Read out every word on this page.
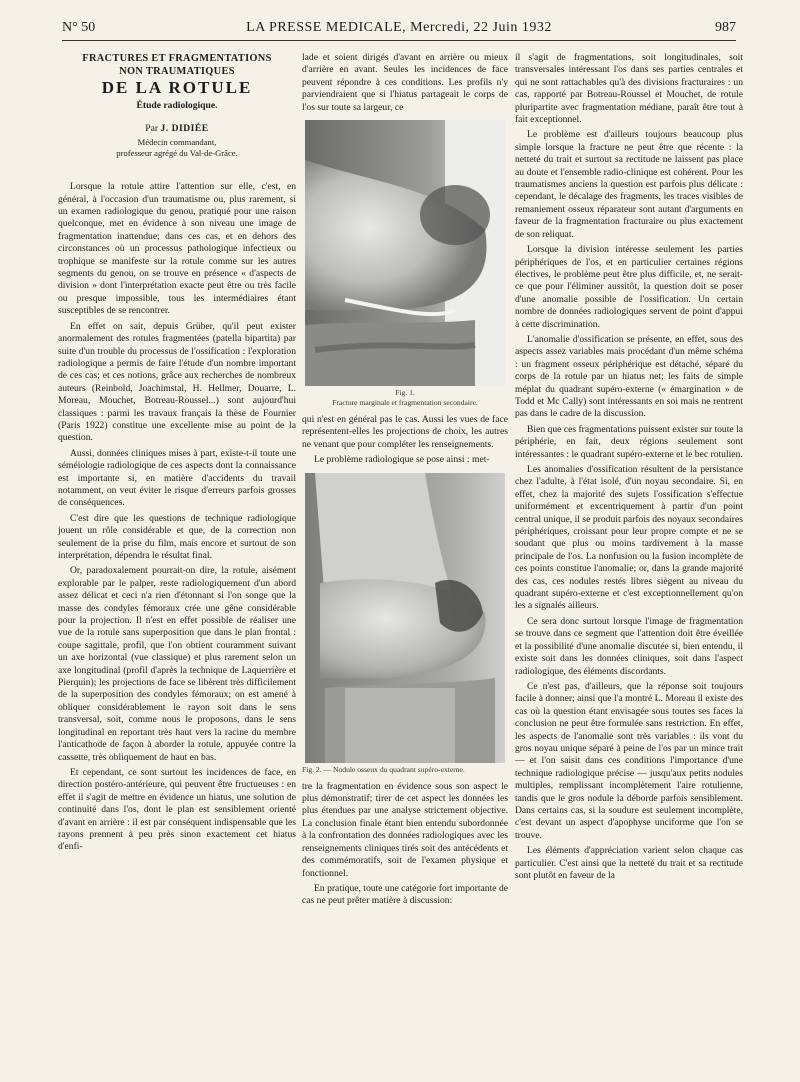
N° 50	LA PRESSE MEDICALE, Mercredi, 22 Juin 1932	987
FRACTURES ET FRAGMENTATIONS
NON TRAUMATIQUES
DE LA ROTULE
Étude radiologique.
Par J. DIDIÉE
Médecin commandant,
professeur agrégé du Val-de-Grâce.

Lorsque la rotule attire l'attention sur elle, c'est, en général, à l'occasion d'un traumatisme ou, plus rarement, si un examen radiologique du genou, pratiqué pour une raison quelconque, met en évidence à son niveau une image de fragmentation inattendue; dans ces cas, et en dehors des circonstances où un processus pathologique infectieux ou trophique se manifeste sur la rotule comme sur les autres segments du genou, on se trouve en présence « d'aspects de division » dont l'interprétation exacte peut être ou très facile ou presque impossible, tous les intermédiaires étant susceptibles de se rencontrer.

En effet on sait, depuis Grüber, qu'il peut exister anormalement des rotules fragmentées (patella bipartita) par suite d'un trouble du processus de l'ossification : l'exploration radiologique a permis de faire l'étude d'un nombre important de ces cas; et ces notions, grâce aux recherches de nombreux auteurs (Reinbold, Joachimstal, H. Hellmer, Douarre, L. Moreau, Mouchet, Botreau-Roussel...) sont aujourd'hui classiques : parmi les travaux français la thèse de Fournier (Paris 1922) constitue une excellente mise au point de la question.

Aussi, données cliniques mises à part, existe-t-il toute une séméiologie radiologique de ces aspects dont la connaissance est importante si, en matière d'accidents du travail notamment, on veut éviter le risque d'erreurs parfois grosses de conséquences.

C'est dire que les questions de technique radiologique jouent un rôle considérable et que, de la correction non seulement de la prise du film, mais encore et surtout de son interprétation, dépendra le résultat final.

Or, paradoxalement pourrait-on dire, la rotule, aisément explorable par le palper, reste radiologiquement d'un abord assez délicat et ceci n'a rien d'étonnant si l'on songe que la masse des condyles fémoraux crée une gêne considérable pour la projection. Il n'est en effet possible de réaliser une vue de la rotule sans superposition que dans le plan frontal : coupe sagittale, profil, que l'on obtient couramment suivant un axe horizontal (vue classique) et plus rarement selon un axe longitudinal (profil d'après la technique de Laquerrière et Pierquin); les projections de face se libèrent très difficilement de la superposition des condyles fémoraux; on est amené à obliquer considérablement le rayon soit dans le sens transversal, soit, comme nous le proposons, dans le sens longitudinal en reportant très haut vers la racine du membre l'anticathode de façon à aborder la rotule, appuyée contre la cassette, très obliquement de haut en bas.

Et cependant, ce sont surtout les incidences de face, en direction postéro-antérieure, qui peuvent être fructueuses : en effet il s'agit de mettre en évidence un hiatus, une solution de continuité dans l'os, dont le plan est sensiblement orienté d'avant en arrière : il est par conséquent indispensable que les rayons prennent à peu près sinon exactement cet hiatus d'enfi-

lade et soient dirigés d'avant en arrière ou mieux d'arrière en avant. Seules les incidences de face peuvent répondre à ces conditions. Les profils n'y parviendraient que si l'hiatus partageait le corps de l'os sur toute sa largeur, ce

Fig. 1.
Fracture marginale et fragmentation secondaire.

qui n'est en général pas le cas. Aussi les vues de face représentent-elles les projections de choix, les autres ne venant que pour compléter les renseignements.

Le problème radiologique se pose ainsi : met-

Fig. 2. — Nodule osseux du quadrant supéro-externe.

tre la fragmentation en évidence sous son aspect le plus démonstratif; tirer de cet aspect les données les plus étendues par une analyse strictement objective. La conclusion finale étant bien entendu subordonnée à la confrontation des données radiologiques avec les renseignements cliniques tirés soit des antécédents et des commémoratifs, soit de l'examen physique et fonctionnel.

En pratique, toute une catégorie fort importante de cas ne peut prêter matière à discussion:

il s'agit de fragmentations, soit longitudinales, soit transversales intéressant l'os dans ses parties centrales et qui ne sont rattachables qu'à des divisions fracturaires : un cas, rapporté par Botreau-Roussel et Mouchet, de rotule pluripartite avec fragmentation médiane, paraît être tout à fait exceptionnel.

Le problème est d'ailleurs toujours beaucoup plus simple lorsque la fracture ne peut être que récente : la netteté du trait et surtout sa rectitude ne laissent pas place au doute et l'ensemble radio-clinique est cohérent. Pour les traumatismes anciens la question est parfois plus délicate : cependant, le décalage des fragments, les traces visibles de remaniement osseux réparateur sont autant d'arguments en faveur de la fragmentation fracturaire ou plus exactement de son reliquat.

Lorsque la division intéresse seulement les parties périphériques de l'os, et en particulier certaines régions électives, le problème peut être plus difficile, et, ne serait-ce que pour l'éliminer aussitôt, la question doit se poser d'une anomalie possible de l'ossification. Un certain nombre de données radiologiques servent de point d'appui à cette discrimination.

L'anomalie d'ossification se présente, en effet, sous des aspects assez variables mais procédant d'un même schéma : un fragment osseux périphérique est détaché, séparé du corps de la rotule par un hiatus net; les faits de simple méplat du quadrant supéro-externe (« émargination » de Todd et Mc Cally) sont intéressants en soi mais ne rentrent pas dans le cadre de la discussion.

Bien que ces fragmentations puissent exister sur toute la périphérie, en fait, deux régions seulement sont intéressantes : le quadrant supéro-externe et le bec rotulien.

Les anomalies d'ossification résultent de la persistance chez l'adulte, à l'état isolé, d'un noyau secondaire. Si, en effet, chez la majorité des sujets l'ossification s'effectue uniformément et excentriquement à partir d'un point central unique, il se produit parfois des noyaux secondaires périphériques, croissant pour leur propre compte et ne se soudant que plus ou moins tardivement à la masse principale de l'os. La nonfusion ou la fusion incomplète de ces points constitue l'anomalie; or, dans la grande majorité des cas, ces nodules restés libres siègent au niveau du quadrant supéro-externe et c'est exceptionnellement qu'on les a signalés ailleurs.

Ce sera donc surtout lorsque l'image de fragmentation se trouve dans ce segment que l'attention doit être éveillée et la possibilité d'une anomalie discutée si, bien entendu, il existe soit dans les données cliniques, soit dans l'aspect radiologique, des éléments discordants.

Ce n'est pas, d'ailleurs, que la réponse soit toujours facile à donner; ainsi que l'a montré L. Moreau il existe des cas où la question étant envisagée sous toutes ses faces la conclusion ne peut être formulée sans restriction. En effet, les aspects de l'anomalie sont très variables : ils vont du gros noyau unique séparé à peine de l'os par un mince trait — et l'on saisit dans ces conditions l'importance d'une technique radiologique précise — jusqu'aux petits nodules multiples, remplissant incomplètement l'aire rotulienne, tandis que le gros nodule la déborde parfois sensiblement. Dans certains cas, si la soudure est seulement incomplète, c'est devant un aspect d'apophyse unciforme que l'on se trouve.

Les éléments d'appréciation varient selon chaque cas particulier. C'est ainsi que la netteté du trait et sa rectitude sont plutôt en faveur de la
